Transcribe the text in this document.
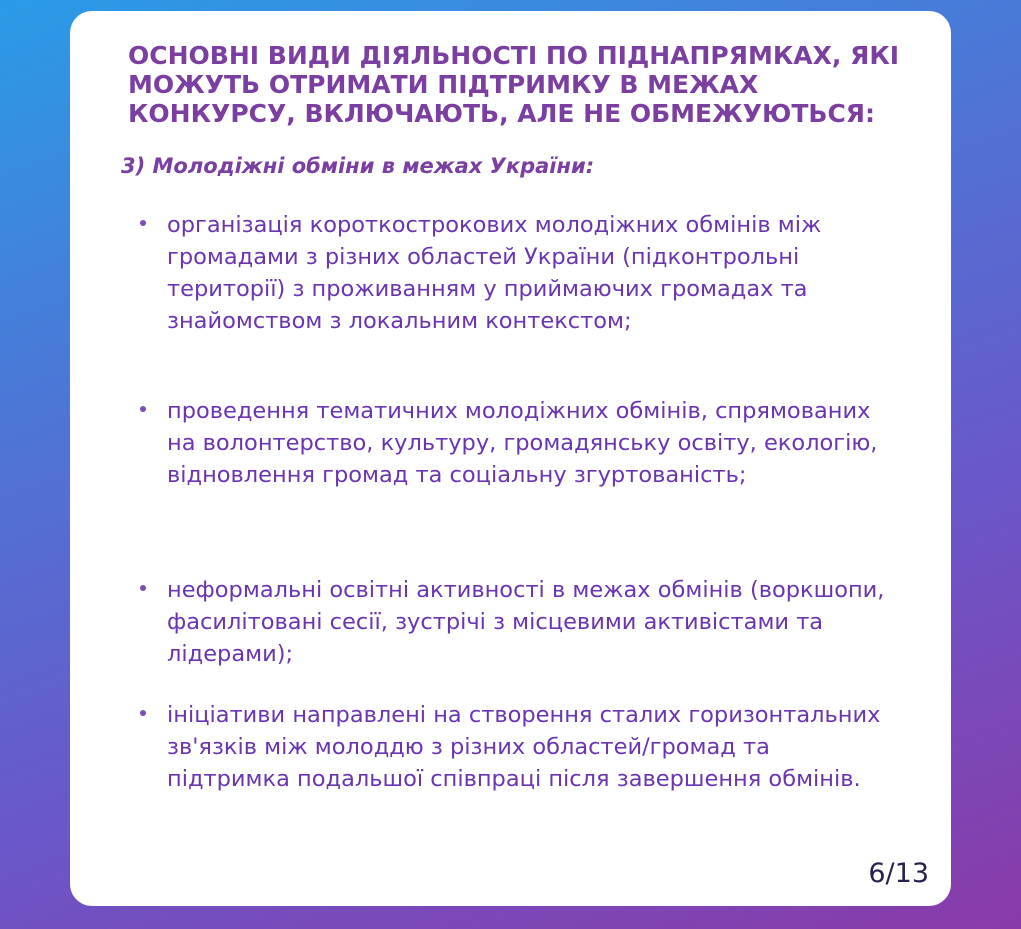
ОСНОВНІ ВИДИ ДІЯЛЬНОСТІ ПО ПІДНАПРЯМКАХ, ЯКІ МОЖУТЬ ОТРИМАТИ ПІДТРИМКУ В МЕЖАХ КОНКУРСУ, ВКЛЮЧАЮТЬ, АЛЕ НЕ ОБМЕЖУЮТЬСЯ:

3) Молодіжні обміни в межах України:

організація короткострокових молодіжних обмінів між громадами з різних областей України (підконтрольні території) з проживанням у приймаючих громадах та знайомством з локальним контекстом;
проведення тематичних молодіжних обмінів, спрямованих на волонтерство, культуру, громадянську освіту, екологію, відновлення громад та соціальну згуртованість;
неформальні освітні активності в межах обмінів (воркшопи, фасилітовані сесії, зустрічі з місцевими активістами та лідерами);
ініціативи направлені на створення сталих горизонтальних зв'язків між молоддю з різних областей/громад та підтримка подальшої співпраці після завершення обмінів.
6/13
